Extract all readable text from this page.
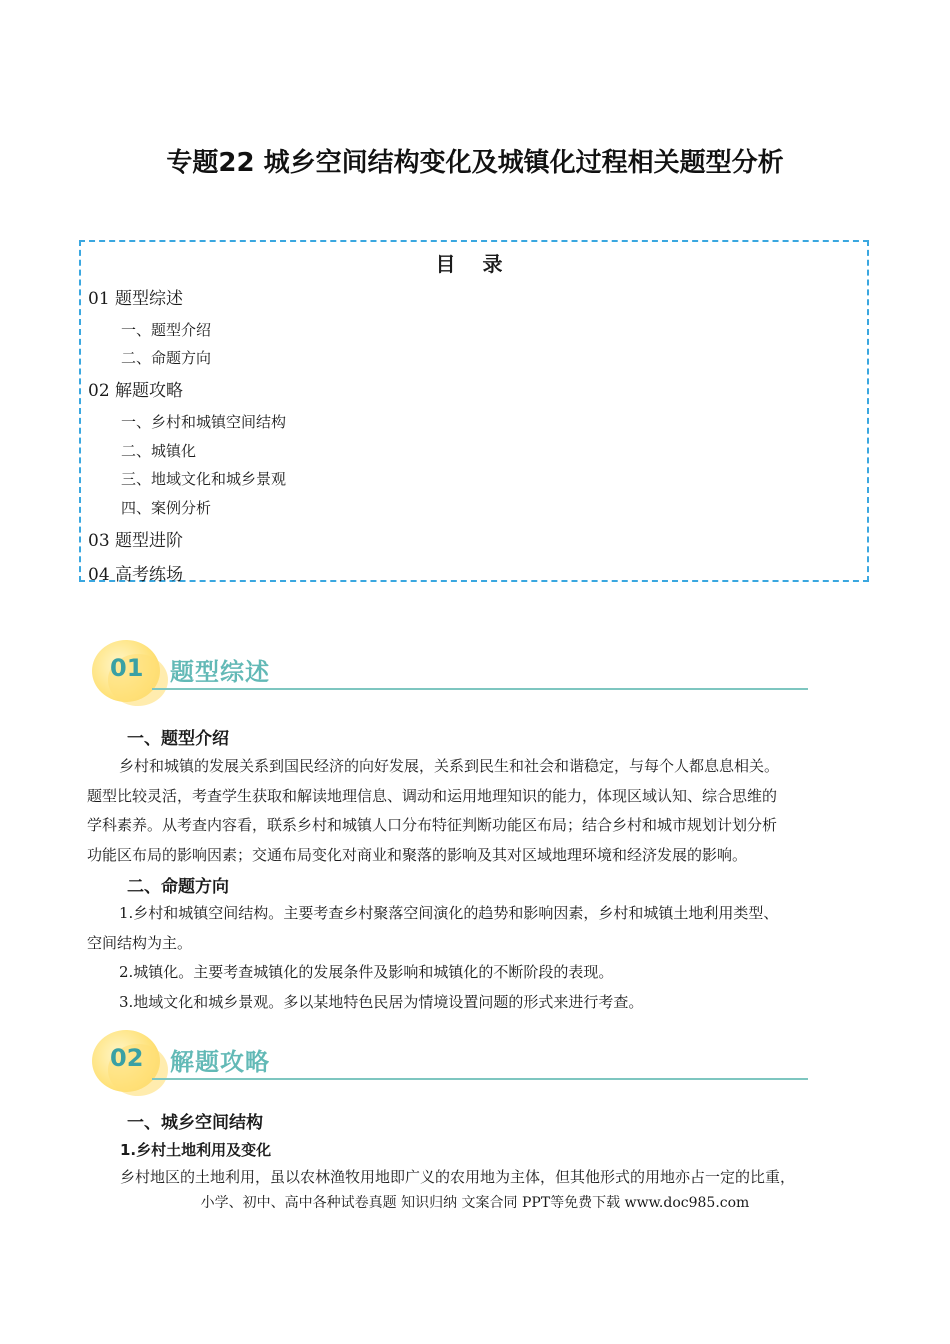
专题22 城乡空间结构变化及城镇化过程相关题型分析
目 录
01 题型综述
一、题型介绍
二、命题方向
02 解题攻略
一、乡村和城镇空间结构
二、城镇化
三、地域文化和城乡景观
四、案例分析
03 题型进阶
04 高考练场
01 题型综述
一、题型介绍

乡村和城镇的发展关系到国民经济的向好发展，关系到民生和社会和谐稳定，与每个人都息息相关。

题型比较灵活，考查学生获取和解读地理信息、调动和运用地理知识的能力，体现区域认知、综合思维的

学科素养。从考查内容看，联系乡村和城镇人口分布特征判断功能区布局；结合乡村和城市规划计划分析

功能区布局的影响因素；交通布局变化对商业和聚落的影响及其对区域地理环境和经济发展的影响。

二、命题方向

1.乡村和城镇空间结构。主要考查乡村聚落空间演化的趋势和影响因素，乡村和城镇土地利用类型、

空间结构为主。

2.城镇化。主要考查城镇化的发展条件及影响和城镇化的不断阶段的表现。

3.地域文化和城乡景观。多以某地特色民居为情境设置问题的形式来进行考查。

02 解题攻略
一、城乡空间结构
1.乡村土地利用及变化

乡村地区的土地利用，虽以农林渔牧用地即广义的农用地为主体，但其他形式的用地亦占一定的比重，

小学、初中、高中各种试卷真题 知识归纳 文案合同 PPT等免费下载 www.doc985.com
